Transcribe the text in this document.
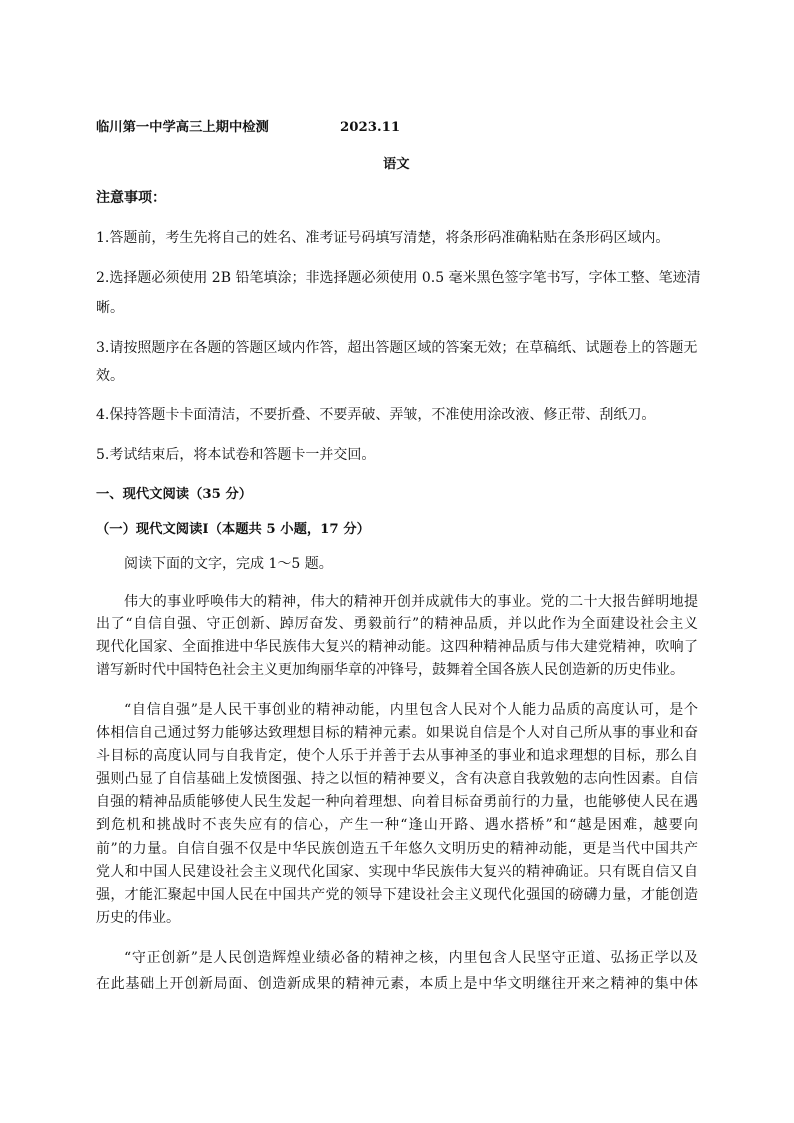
临川第一中学高三上期中检测	2023.11
语文
注意事项：
1.答题前，考生先将自己的姓名、准考证号码填写清楚，将条形码准确粘贴在条形码区域内。
2.选择题必须使用 2B 铅笔填涂；非选择题必须使用 0.5 毫米黑色签字笔书写，字体工整、笔迹清
晰。
3.请按照题序在各题的答题区域内作答，超出答题区域的答案无效；在草稿纸、试题卷上的答题无
效。
4.保持答题卡卡面清洁，不要折叠、不要弄破、弄皱，不准使用涂改液、修正带、刮纸刀。
5.考试结束后，将本试卷和答题卡一并交回。
一、现代文阅读（35 分）
（一）现代文阅读Ⅰ（本题共 5 小题，17 分）
阅读下面的文字，完成 1～5 题。
伟大的事业呼唤伟大的精神，伟大的精神开创并成就伟大的事业。党的二十大报告鲜明地提
出了“自信自强、守正创新、踔厉奋发、勇毅前行”的精神品质，并以此作为全面建设社会主义
现代化国家、全面推进中华民族伟大复兴的精神动能。这四种精神品质与伟大建党精神，吹响了
谱写新时代中国特色社会主义更加绚丽华章的冲锋号，鼓舞着全国各族人民创造新的历史伟业。
“自信自强”是人民干事创业的精神动能，内里包含人民对个人能力品质的高度认可，是个
体相信自己通过努力能够达致理想目标的精神元素。如果说自信是个人对自己所从事的事业和奋
斗目标的高度认同与自我肯定，使个人乐于并善于去从事神圣的事业和追求理想的目标，那么自
强则凸显了自信基础上发愤图强、持之以恒的精神要义，含有决意自我敦勉的志向性因素。自信
自强的精神品质能够使人民生发起一种向着理想、向着目标奋勇前行的力量，也能够使人民在遇
到危机和挑战时不丧失应有的信心，产生一种“逢山开路、遇水搭桥”和“越是困难，越要向
前”的力量。自信自强不仅是中华民族创造五千年悠久文明历史的精神动能，更是当代中国共产
党人和中国人民建设社会主义现代化国家、实现中华民族伟大复兴的精神确证。只有既自信又自
强，才能汇聚起中国人民在中国共产党的领导下建设社会主义现代化强国的磅礴力量，才能创造
历史的伟业。
“守正创新”是人民创造辉煌业绩必备的精神之核，内里包含人民坚守正道、弘扬正学以及
在此基础上开创新局面、创造新成果的精神元素，本质上是中华文明继往开来之精神的集中体
